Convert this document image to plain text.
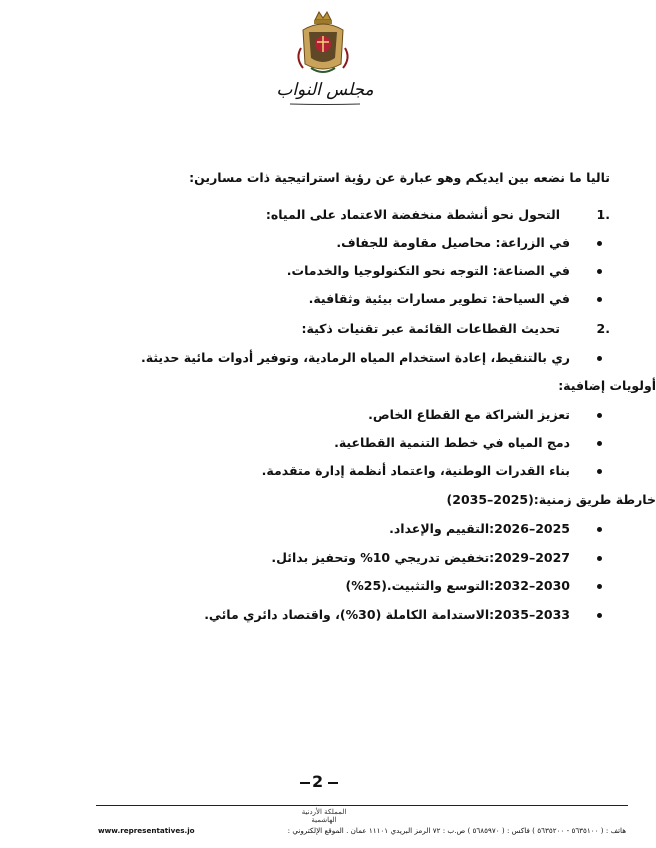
مجلس النواب
تاليا ما نضعه بين ايديكم وهو عبارة عن رؤية استراتيجية ذات مسارين:
1.
التحول نحو أنشطة منخفضة الاعتماد على المياه:
في الزراعة: محاصيل مقاومة للجفاف.
في الصناعة: التوجه نحو التكنولوجيا والخدمات.
في السياحة: تطوير مسارات بيئية وثقافية.
2.
تحديث القطاعات القائمة عبر تقنيات ذكية:
ري بالتنقيط، إعادة استخدام المياه الرمادية، وتوفير أدوات مائية حديثة.
أولويات إضافية:
تعزيز الشراكة مع القطاع الخاص.
دمج المياه في خطط التنمية القطاعية.
بناء القدرات الوطنية، واعتماد أنظمة إدارة متقدمة.
خارطة طريق زمنية:(2025–2035)
2025–2026:التقييم والإعداد.
2027–2029:تخفيض تدريجي 10% وتحفيز بدائل.
2030–2032:التوسع والتثبيت.(25%)
2033–2035:الاستدامة الكاملة (30%)، واقتصاد دائري مائي.
2
المملكة الأردنية الهاشمية
www.representatives.jo	هاتف : ( ٥٦٣٥١٠٠ - ٥٦٣٥٢٠٠ ) فاكس : ( ٥٦٨٥٩٧٠ ) ص.ب : ٧٢ الرمز البريدي ١١١٠١ عمان . الموقع الإلكتروني :
